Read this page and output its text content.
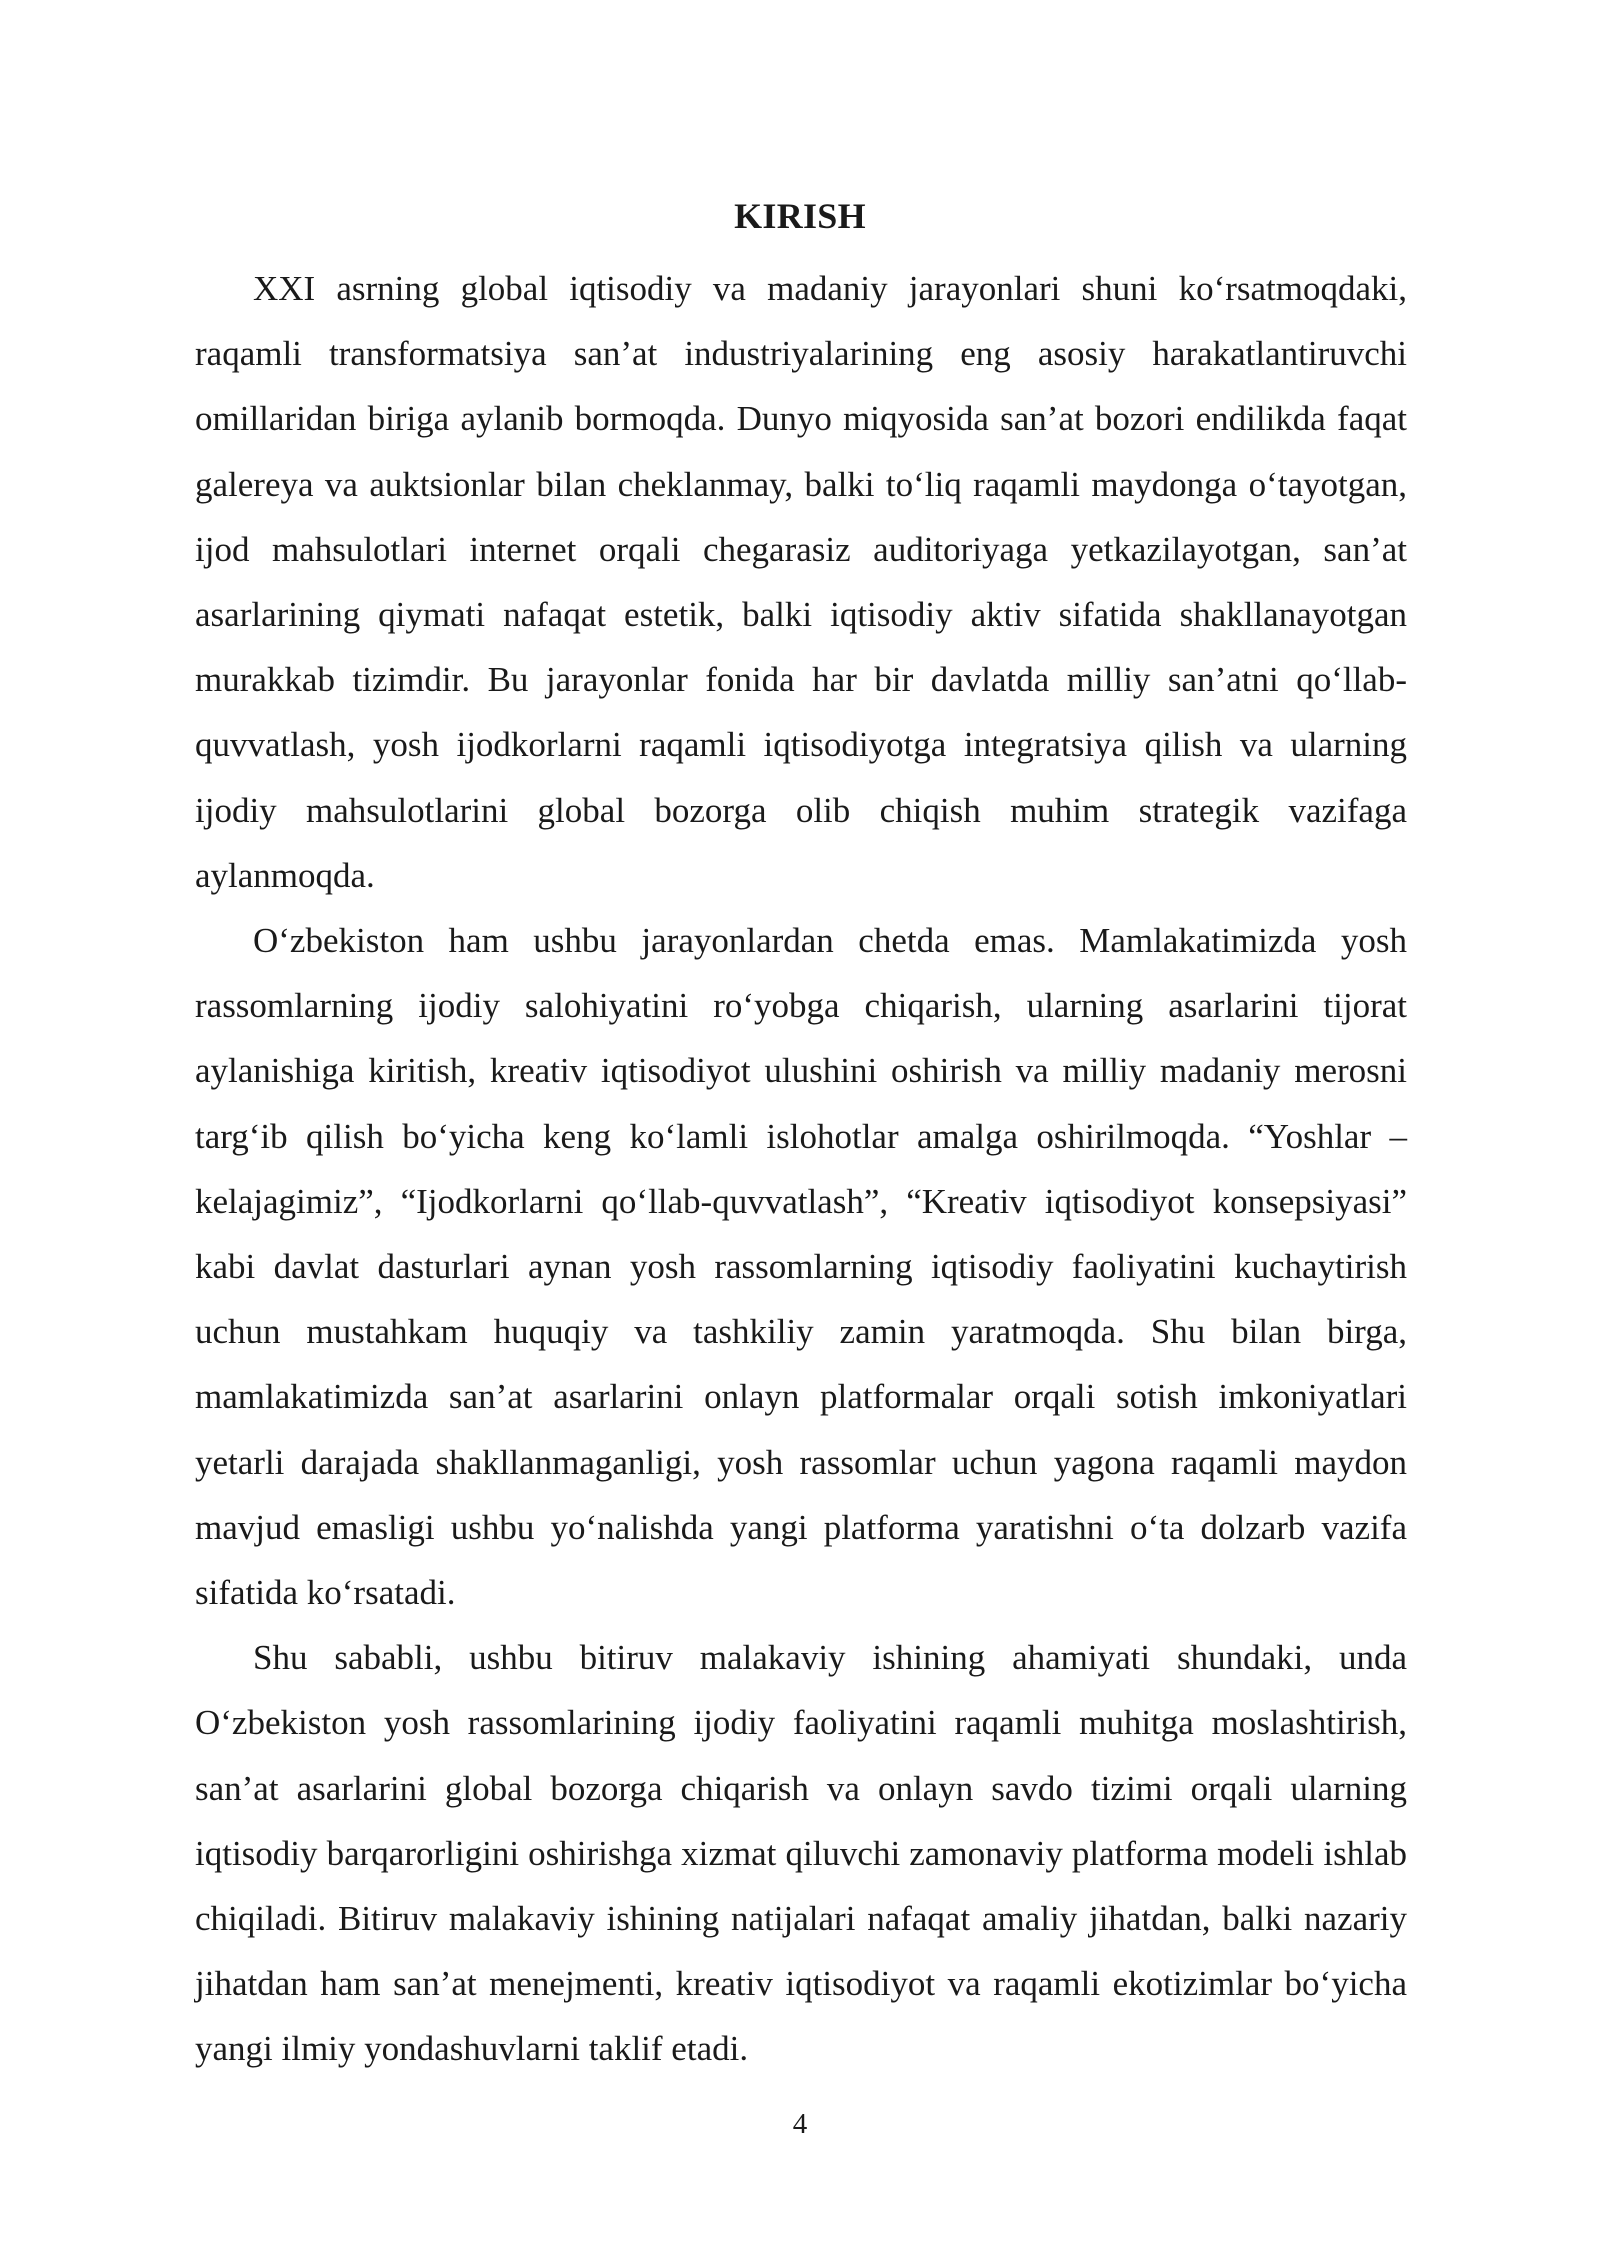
KIRISH

XXI asrning global iqtisodiy va madaniy jarayonlari shuni ko‘rsatmoqdaki, raqamli transformatsiya san’at industriyalarining eng asosiy harakatlantiruvchi omillaridan biriga aylanib bormoqda. Dunyo miqyosida san’at bozori endilikda faqat galereya va auktsionlar bilan cheklanmay, balki to‘liq raqamli maydonga o‘tayotgan, ijod mahsulotlari internet orqali chegarasiz auditoriyaga yetkazilayotgan, san’at asarlarining qiymati nafaqat estetik, balki iqtisodiy aktiv sifatida shakllanayotgan murakkab tizimdir. Bu jarayonlar fonida har bir davlatda milliy san’atni qo‘llab-quvvatlash, yosh ijodkorlarni raqamli iqtisodiyotga integratsiya qilish va ularning ijodiy mahsulotlarini global bozorga olib chiqish muhim strategik vazifaga aylanmoqda.

O‘zbekiston ham ushbu jarayonlardan chetda emas. Mamlakatimizda yosh rassomlarning ijodiy salohiyatini ro‘yobga chiqarish, ularning asarlarini tijorat aylanishiga kiritish, kreativ iqtisodiyot ulushini oshirish va milliy madaniy merosni targ‘ib qilish bo‘yicha keng ko‘lamli islohotlar amalga oshirilmoqda. “Yoshlar – kelajagimiz”, “Ijodkorlarni qo‘llab-quvvatlash”, “Kreativ iqtisodiyot konsepsiyasi” kabi davlat dasturlari aynan yosh rassomlarning iqtisodiy faoliyatini kuchaytirish uchun mustahkam huquqiy va tashkiliy zamin yaratmoqda. Shu bilan birga, mamlakatimizda san’at asarlarini onlayn platformalar orqali sotish imkoniyatlari yetarli darajada shakllanmaganligi, yosh rassomlar uchun yagona raqamli maydon mavjud emasligi ushbu yo‘nalishda yangi platforma yaratishni o‘ta dolzarb vazifa sifatida ko‘rsatadi.

Shu sababli, ushbu bitiruv malakaviy ishining ahamiyati shundaki, unda O‘zbekiston yosh rassomlarining ijodiy faoliyatini raqamli muhitga moslashtirish, san’at asarlarini global bozorga chiqarish va onlayn savdo tizimi orqali ularning iqtisodiy barqarorligini oshirishga xizmat qiluvchi zamonaviy platforma modeli ishlab chiqiladi. Bitiruv malakaviy ishining natijalari nafaqat amaliy jihatdan, balki nazariy jihatdan ham san’at menejmenti, kreativ iqtisodiyot va raqamli ekotizimlar bo‘yicha yangi ilmiy yondashuvlarni taklif etadi.

4
